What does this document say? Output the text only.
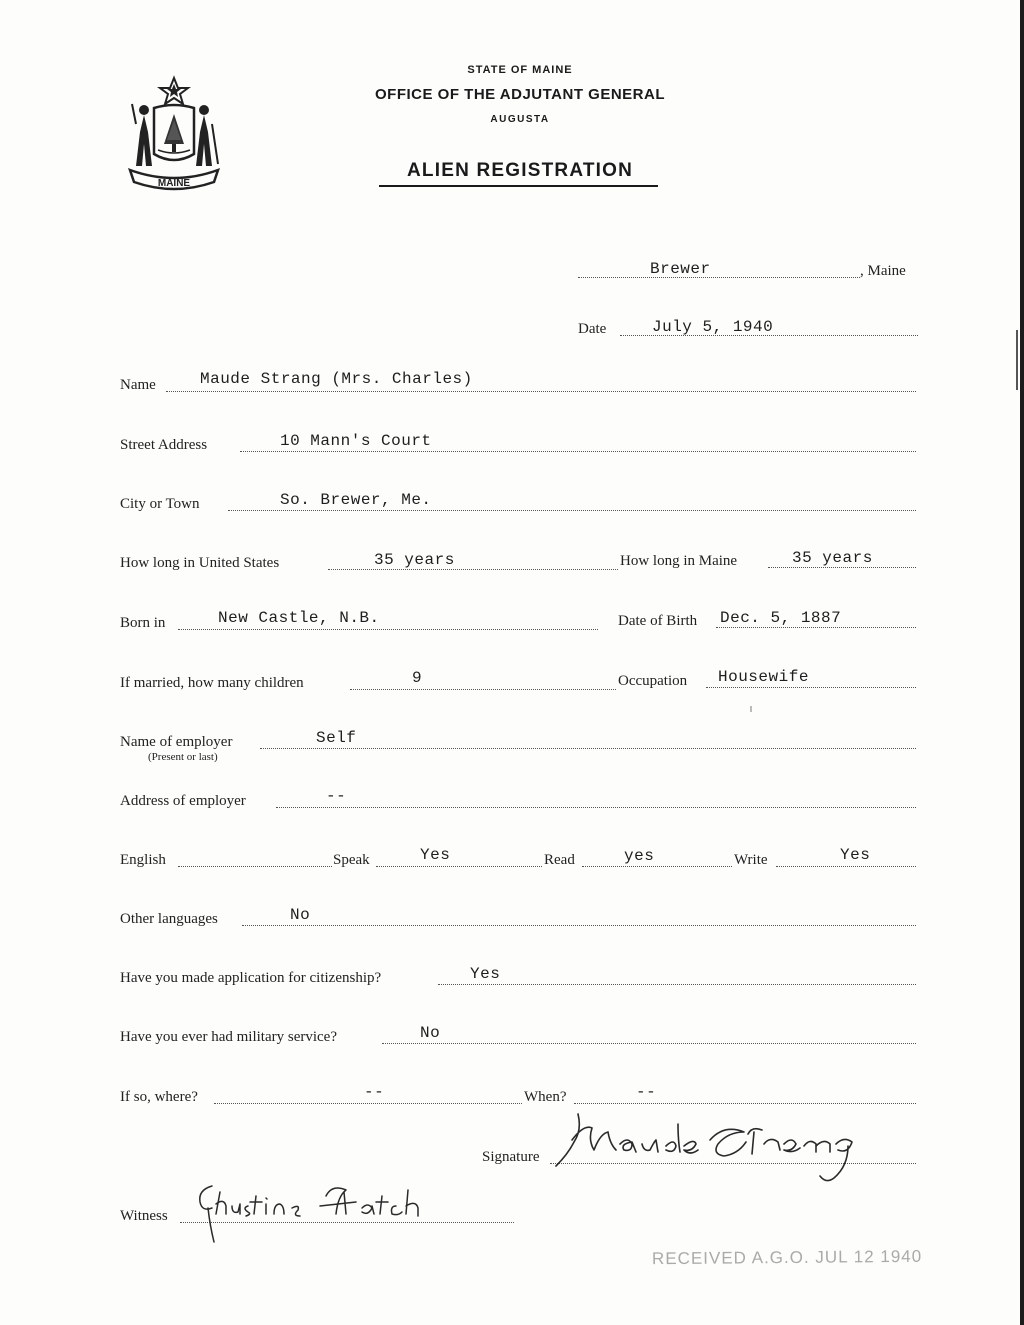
MAINE
STATE OF MAINE
OFFICE OF THE ADJUTANT GENERAL
AUGUSTA
ALIEN REGISTRATION
Brewer	, Maine
Date	July 5, 1940
Name	Maude Strang (Mrs. Charles)
Street Address	10 Mann's Court
City or Town	So. Brewer, Me.
How long in United States	35 years	How long in Maine	35 years
Born in	New Castle, N.B.	Date of Birth Dec. 5, 1887
If married, how many children	9	Occupation Housewife
Name of employer
(Present or last)
Self
Address of employer	--
English	Speak	Yes	Read	yes	Write	Yes
Other languages	No
Have you made application for citizenship?	Yes
Have you ever had military service?	No
If so, where?	--	When?	--
Signature
Witness
RECEIVED A.G.O. JUL 12 1940
